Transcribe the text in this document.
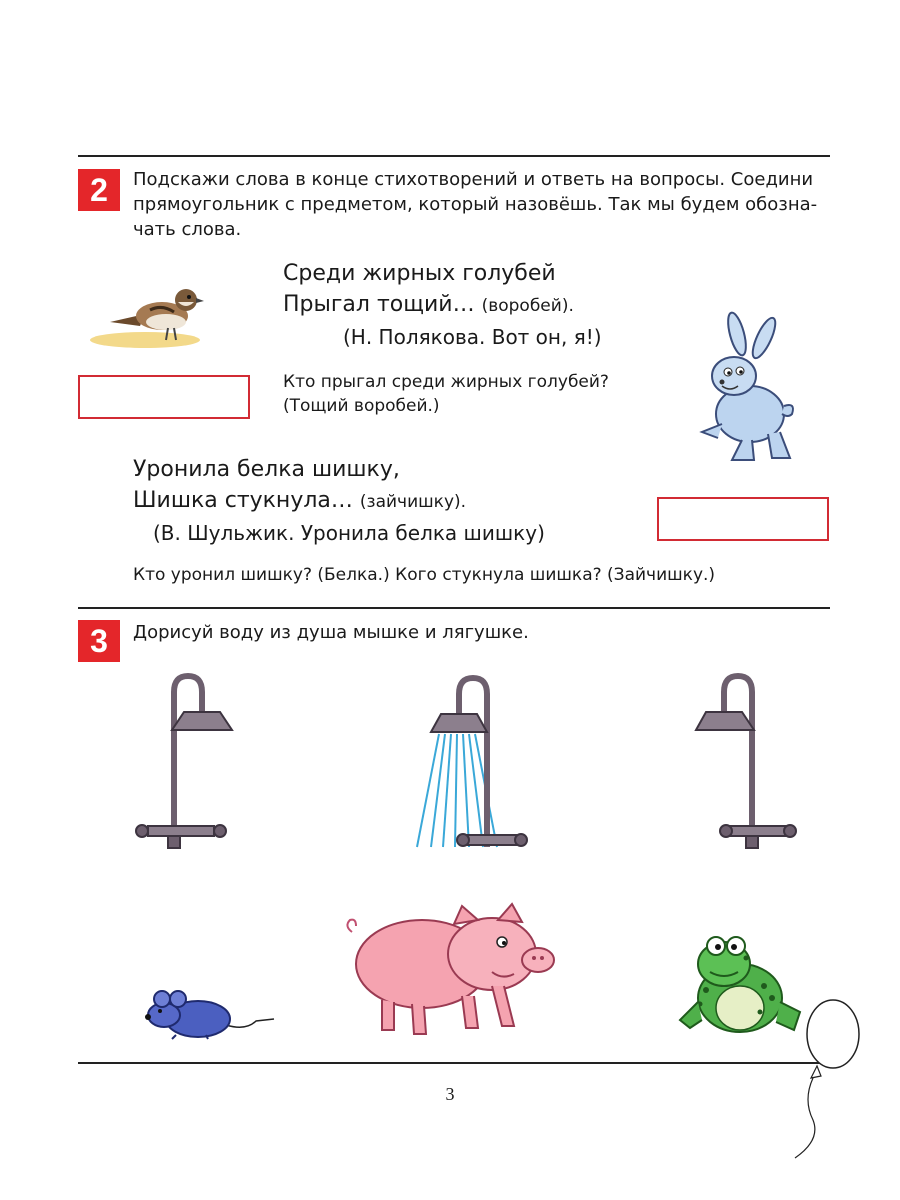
2	Подскажи слова в конце стихотворений и ответь на вопросы. Соедини
прямоугольник с предметом, который назовёшь. Так мы будем обозна-
чать слова.
Среди жирных голубей
Прыгал тощий… (воробей).
(Н. Полякова. Вот он, я!)
Кто прыгал среди жирных голубей?
(Тощий воробей.)
Уронила белка шишку,
Шишка стукнула… (зайчишку).
(В. Шульжик. Уронила белка шишку)
Кто уронил шишку? (Белка.) Кого стукнула шишка? (Зайчишку.)
3	Дорисуй воду из душа мышке и лягушке.
3
